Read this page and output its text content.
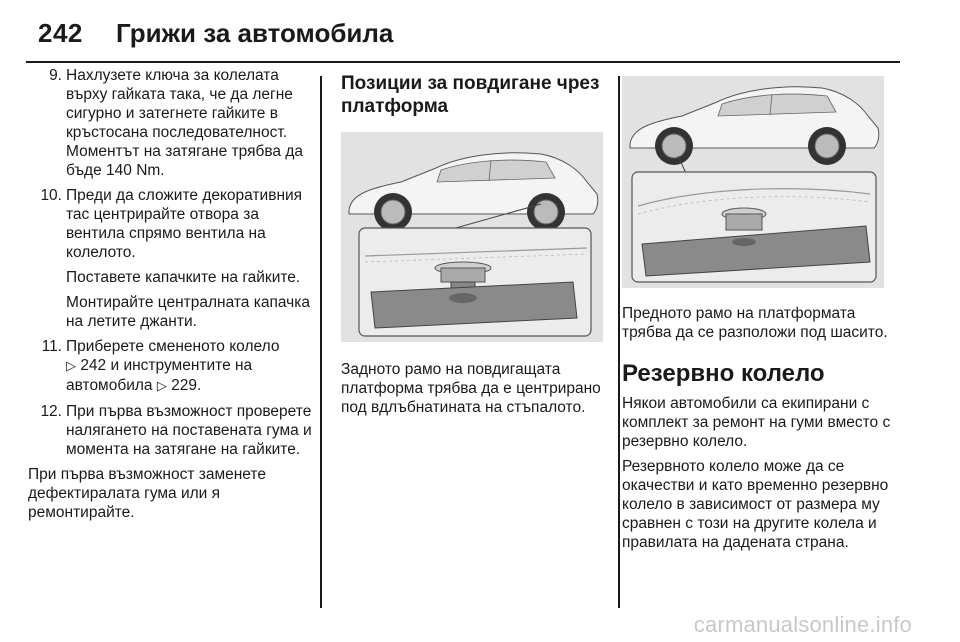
242 Грижи за автомобила
9. Нахлузете ключа за колелата върху гайката така, че да легне сигурно и затегнете гайките в кръстосана последователност. Моментът на затягане трябва да бъде 140 Nm.

10. Преди да сложите декоративния тас центрирайте отвора за вентила спрямо вентила на колелото.

Поставете капачките на гайките.

Монтирайте централната капачка на летите джанти.

11. Приберете смененото колело ▷ 242 и инструментите на автомобила ▷ 229.

12. При първа възможност проверете налягането на поставената гума и момента на затягане на гайките.

При първа възможност заменете дефектиралата гума или я ремонтирайте.

Позиции за повдигане чрез платформа

Задното рамо на повдигащата платформа трябва да е центрирано под вдлъбнатината на стъпалото.

Предното рамо на платформата трябва да се разположи под шасито.

Резервно колело

Някои автомобили са екипирани с комплект за ремонт на гуми вместо с резервно колело.

Резервното колело може да се окачестви и като временно резервно колело в зависимост от размера му сравнен с този на другите колела и правилата на дадената страна.

carmanualsonline.info
